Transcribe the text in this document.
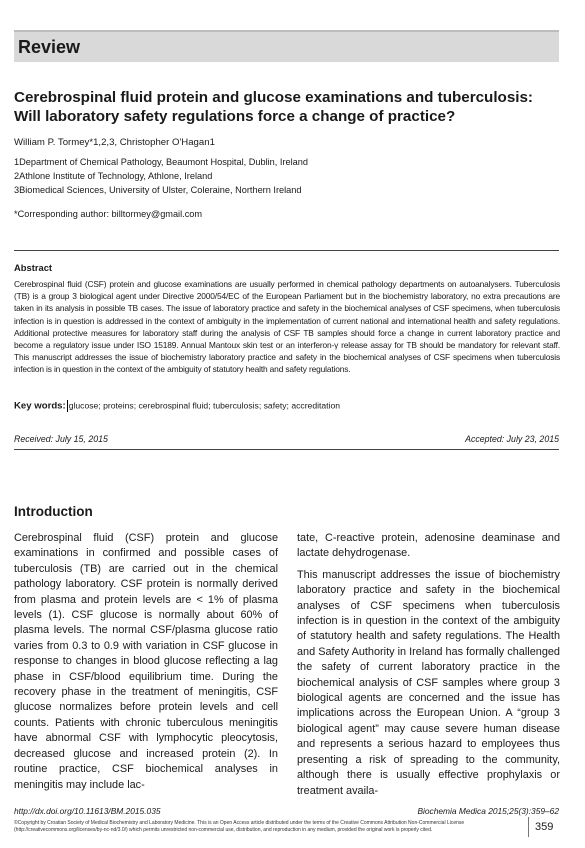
Review
Cerebrospinal fluid protein and glucose examinations and tuberculosis:
Will laboratory safety regulations force a change of practice?
William P. Tormey*1,2,3, Christopher O'Hagan1
1Department of Chemical Pathology, Beaumont Hospital, Dublin, Ireland
2Athlone Institute of Technology, Athlone, Ireland
3Biomedical Sciences, University of Ulster, Coleraine, Northern Ireland
*Corresponding author: billtormey@gmail.com
Abstract
Cerebrospinal fluid (CSF) protein and glucose examinations are usually performed in chemical pathology departments on autoanalysers. Tuberculosis (TB) is a group 3 biological agent under Directive 2000/54/EC of the European Parliament but in the biochemistry laboratory, no extra precautions are taken in its analysis in possible TB cases. The issue of laboratory practice and safety in the biochemical analyses of CSF specimens, when tuberculosis infection is in question is addressed in the context of ambiguity in the implementation of current national and international health and safety regulations. Additional protective measures for laboratory staff during the analysis of CSF TB samples should force a change in current laboratory practice and become a regulatory issue under ISO 15189. Annual Mantoux skin test or an interferon-γ release assay for TB should be mandatory for relevant staff. This manuscript addresses the issue of biochemistry laboratory practice and safety in the biochemical analyses of CSF specimens when tuberculosis infection is in question in the context of the ambiguity of statutory health and safety regulations.
Key words: glucose; proteins; cerebrospinal fluid; tuberculosis; safety; accreditation
Received: July 15, 2015	Accepted: July 23, 2015
Introduction

Cerebrospinal fluid (CSF) protein and glucose examinations in confirmed and possible cases of tuberculosis (TB) are carried out in the chemical pathology laboratory. CSF protein is normally derived from plasma and protein levels are < 1% of plasma levels (1). CSF glucose is normally about 60% of plasma levels. The normal CSF/plasma glucose ratio varies from 0.3 to 0.9 with variation in CSF glucose in response to changes in blood glucose reflecting a lag phase in CSF/blood equilibrium time. During the recovery phase in the treatment of meningitis, CSF glucose normalizes before protein levels and cell counts. Patients with chronic tuberculous meningitis have abnormal CSF with lymphocytic pleocytosis, decreased glucose and increased protein (2). In routine practice, CSF biochemical analyses in meningitis may include lac-

tate, C-reactive protein, adenosine deaminase and lactate dehydrogenase.

This manuscript addresses the issue of biochemistry laboratory practice and safety in the biochemical analyses of CSF specimens when tuberculosis infection is in question in the context of the ambiguity of statutory health and safety regulations. The Health and Safety Authority in Ireland has formally challenged the safety of current laboratory practice in the biochemical analysis of CSF samples where group 3 biological agents are concerned and the issue has implications across the European Union. A “group 3 biological agent” may cause severe human disease and represents a serious hazard to employees thus presenting a risk of spreading to the community, although there is usually effective prophylaxis or treatment availa-

http://dx.doi.org/10.11613/BM.2015.035	Biochemia Medica 2015;25(3):359–62
©Copyright by Croatian Society of Medical Biochemistry and Laboratory Medicine. This is an Open Access article distributed under the terms of the Creative Commons Attribution Non-Commercial License (http://creativecommons.org/licenses/by-nc-nd/3.0/) which permits unrestricted non-commercial use, distribution, and reproduction in any medium, provided the original work is properly cited.	359
